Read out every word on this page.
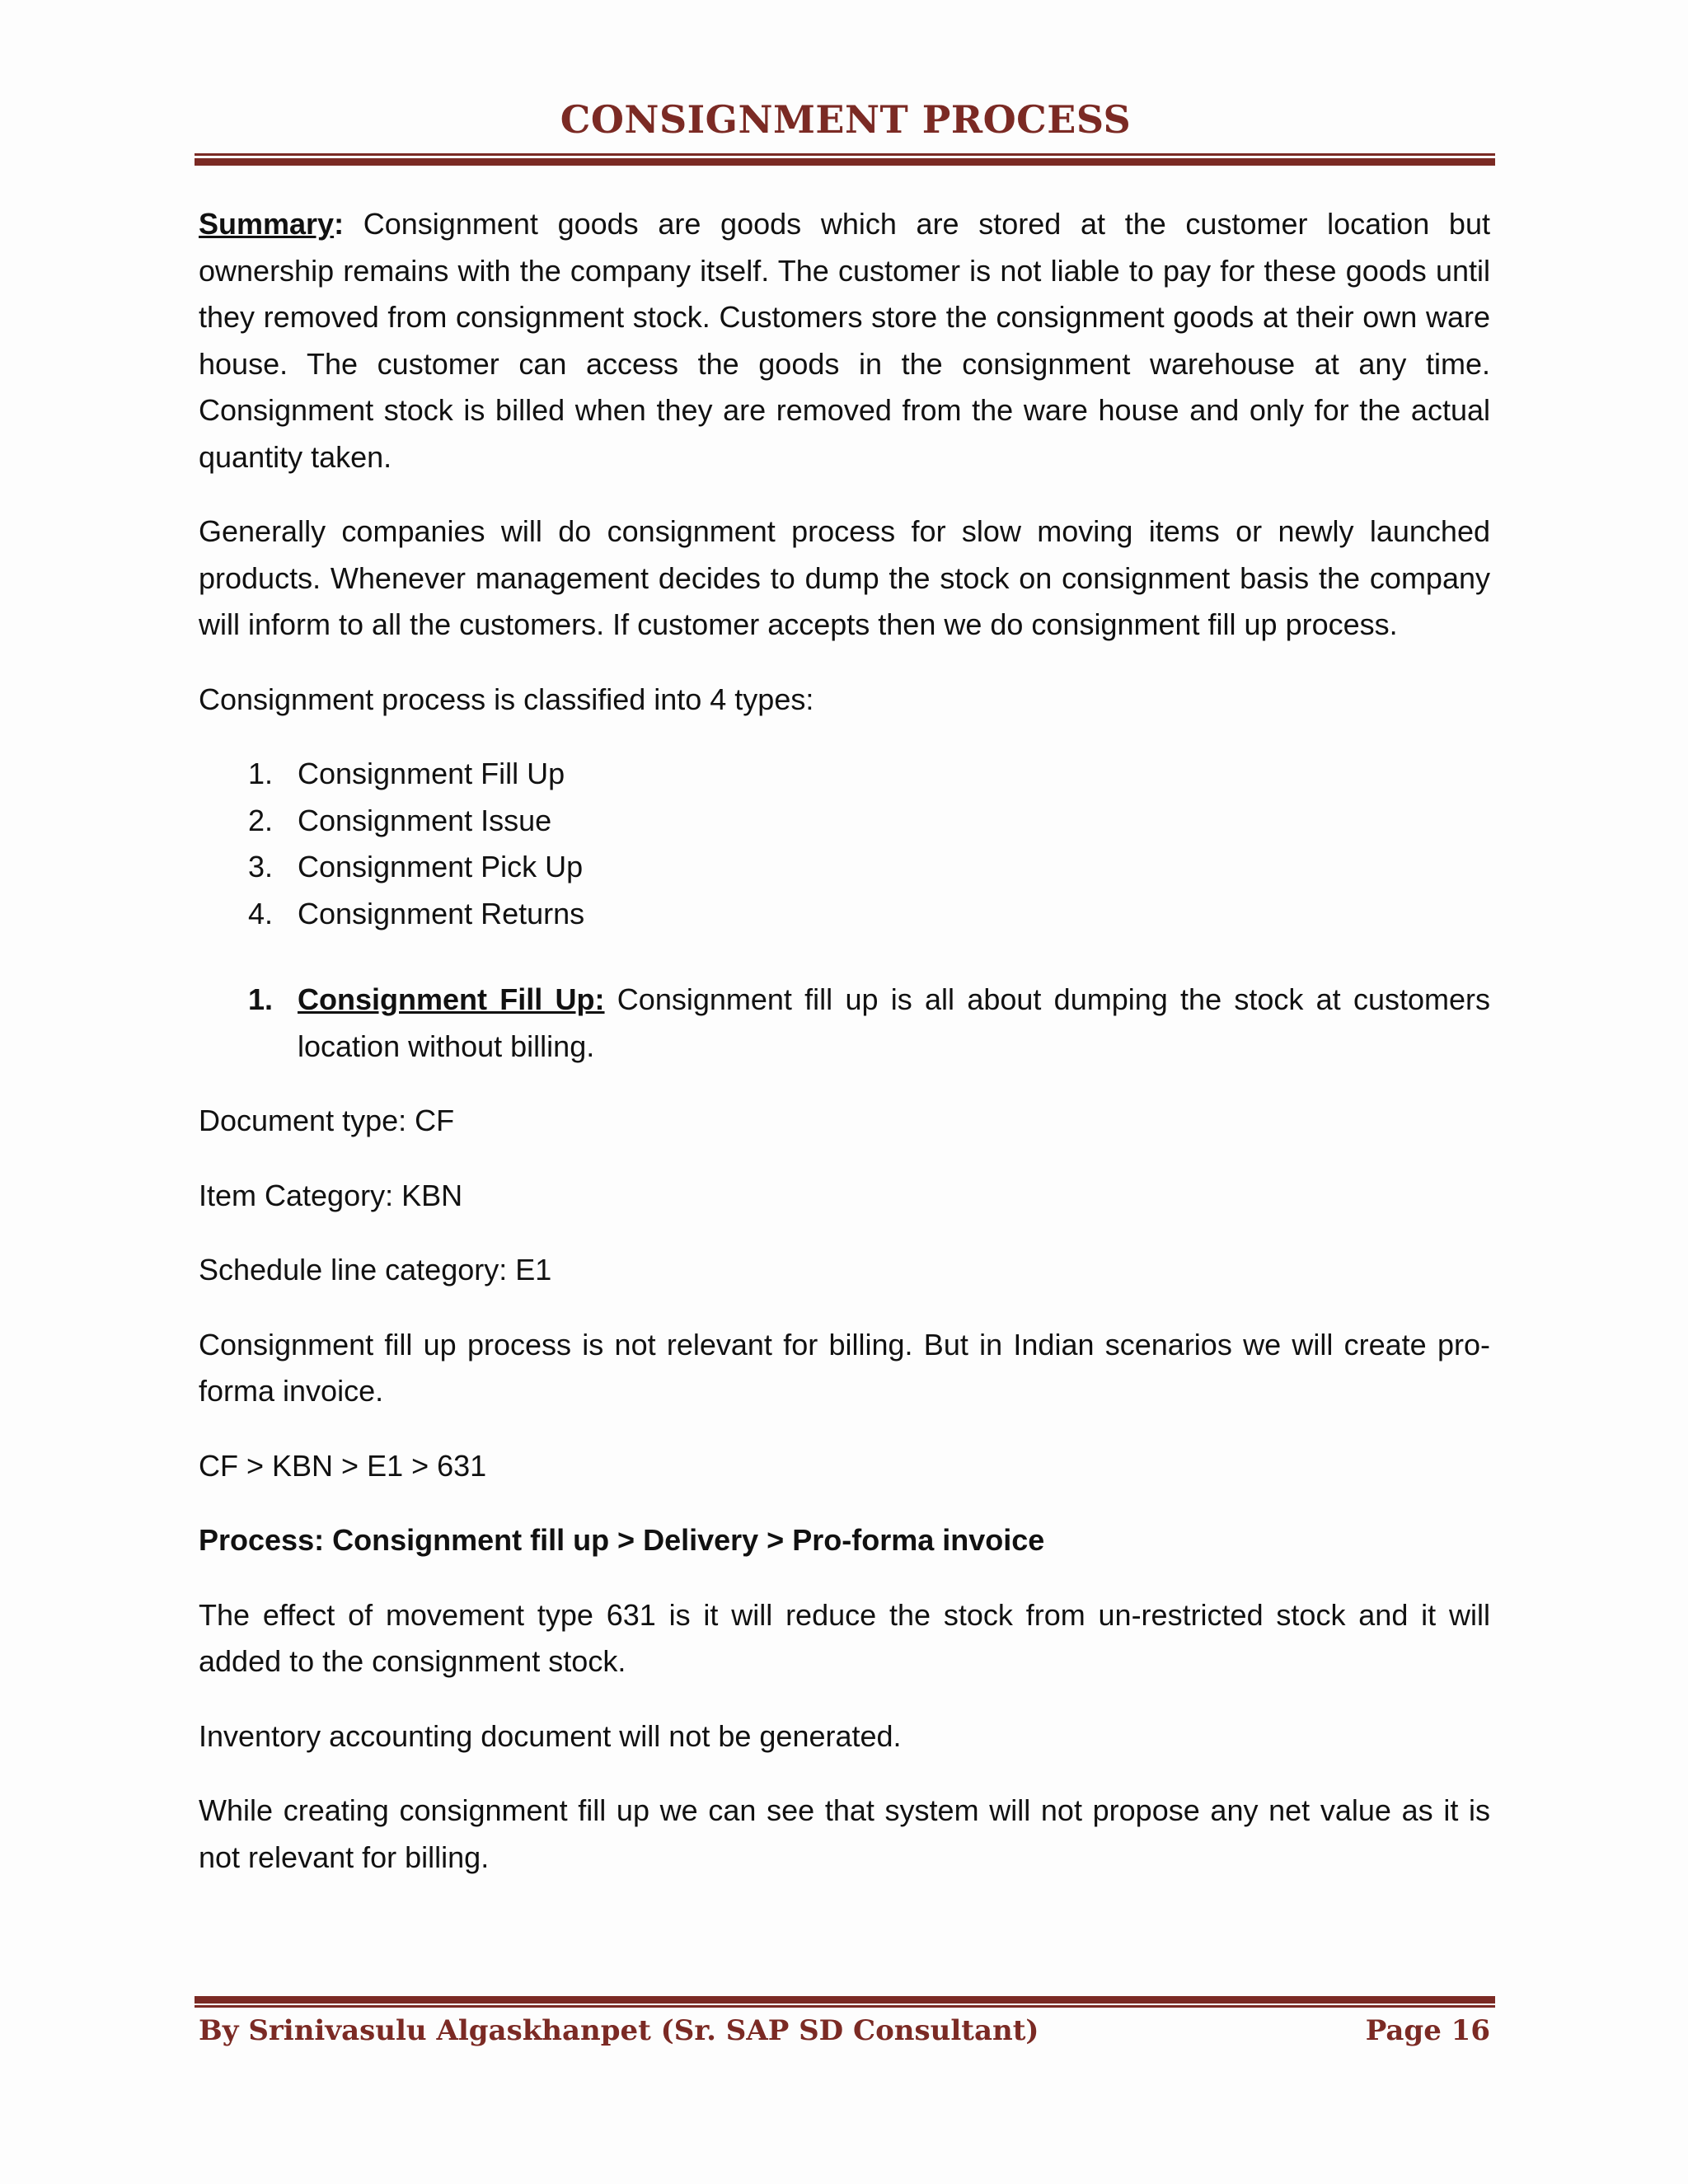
CONSIGNMENT PROCESS

Summary: Consignment goods are goods which are stored at the customer location but ownership remains with the company itself. The customer is not liable to pay for these goods until they removed from consignment stock. Customers store the consignment goods at their own ware house. The customer can access the goods in the consignment warehouse at any time. Consignment stock is billed when they are removed from the ware house and only for the actual quantity taken.

Generally companies will do consignment process for slow moving items or newly launched products. Whenever management decides to dump the stock on consignment basis the company will inform to all the customers. If customer accepts then we do consignment fill up process.

Consignment process is classified into 4 types:

1. Consignment Fill Up
2. Consignment Issue
3. Consignment Pick Up
4. Consignment Returns
1. Consignment Fill Up: Consignment fill up is all about dumping the stock at customers location without billing.

Document type: CF

Item Category: KBN

Schedule line category: E1

Consignment fill up process is not relevant for billing. But in Indian scenarios we will create pro-forma invoice.

CF > KBN > E1 > 631

Process: Consignment fill up > Delivery > Pro-forma invoice

The effect of movement type 631 is it will reduce the stock from un-restricted stock and it will added to the consignment stock.

Inventory accounting document will not be generated.

While creating consignment fill up we can see that system will not propose any net value as it is not relevant for billing.

By Srinivasulu Algaskhanpet (Sr. SAP SD Consultant)	Page 16
